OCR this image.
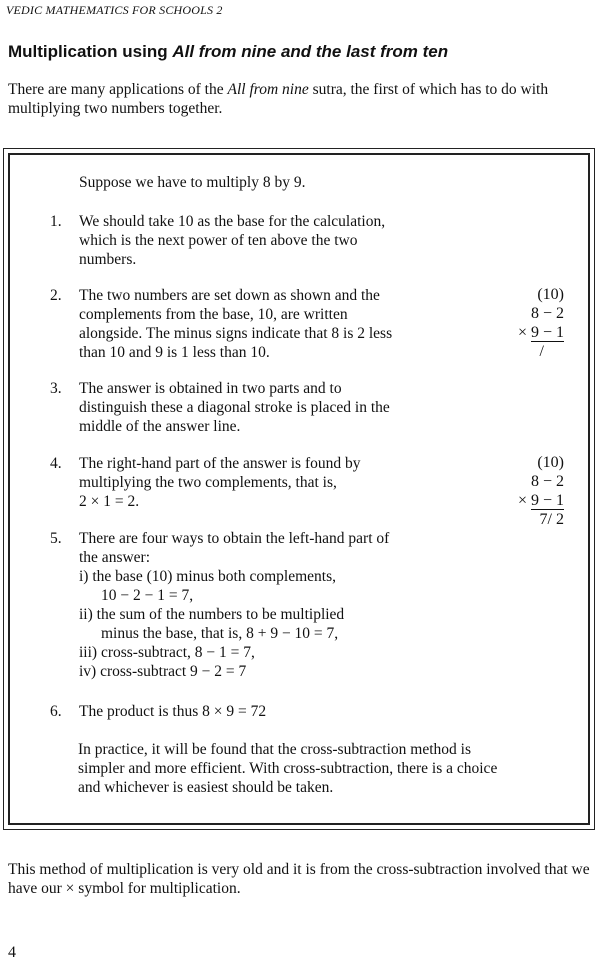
VEDIC MATHEMATICS FOR SCHOOLS 2
Multiplication using All from nine and the last from ten
There are many applications of the All from nine sutra, the first of which has to do with multiplying two numbers together.
Suppose we have to multiply 8 by 9.
1. We should take 10 as the base for the calculation,
which is the next power of ten above the two
numbers.
2. The two numbers are set down as shown and the
complements from the base, 10, are written
alongside. The minus signs indicate that 8 is 2 less
than 10 and 9 is 1 less than 10.
(10)
8 − 2
× 9 − 1
/
3. The answer is obtained in two parts and to
distinguish these a diagonal stroke is placed in the
middle of the answer line.
4. The right-hand part of the answer is found by
multiplying the two complements, that is,
2 × 1 = 2.
(10)
8 − 2
× 9 − 1
7/ 2
5. There are four ways to obtain the left-hand part of
the answer:
i) the base (10) minus both complements,
10 − 2 − 1 = 7,
ii) the sum of the numbers to be multiplied
minus the base, that is, 8 + 9 − 10 = 7,
iii) cross-subtract, 8 − 1 = 7,
iv) cross-subtract 9 − 2 = 7
6. The product is thus 8 × 9 = 72
In practice, it will be found that the cross-subtraction method is simpler and more efficient. With cross-subtraction, there is a choice and whichever is easiest should be taken.
This method of multiplication is very old and it is from the cross-subtraction involved that we have our × symbol for multiplication.
4
